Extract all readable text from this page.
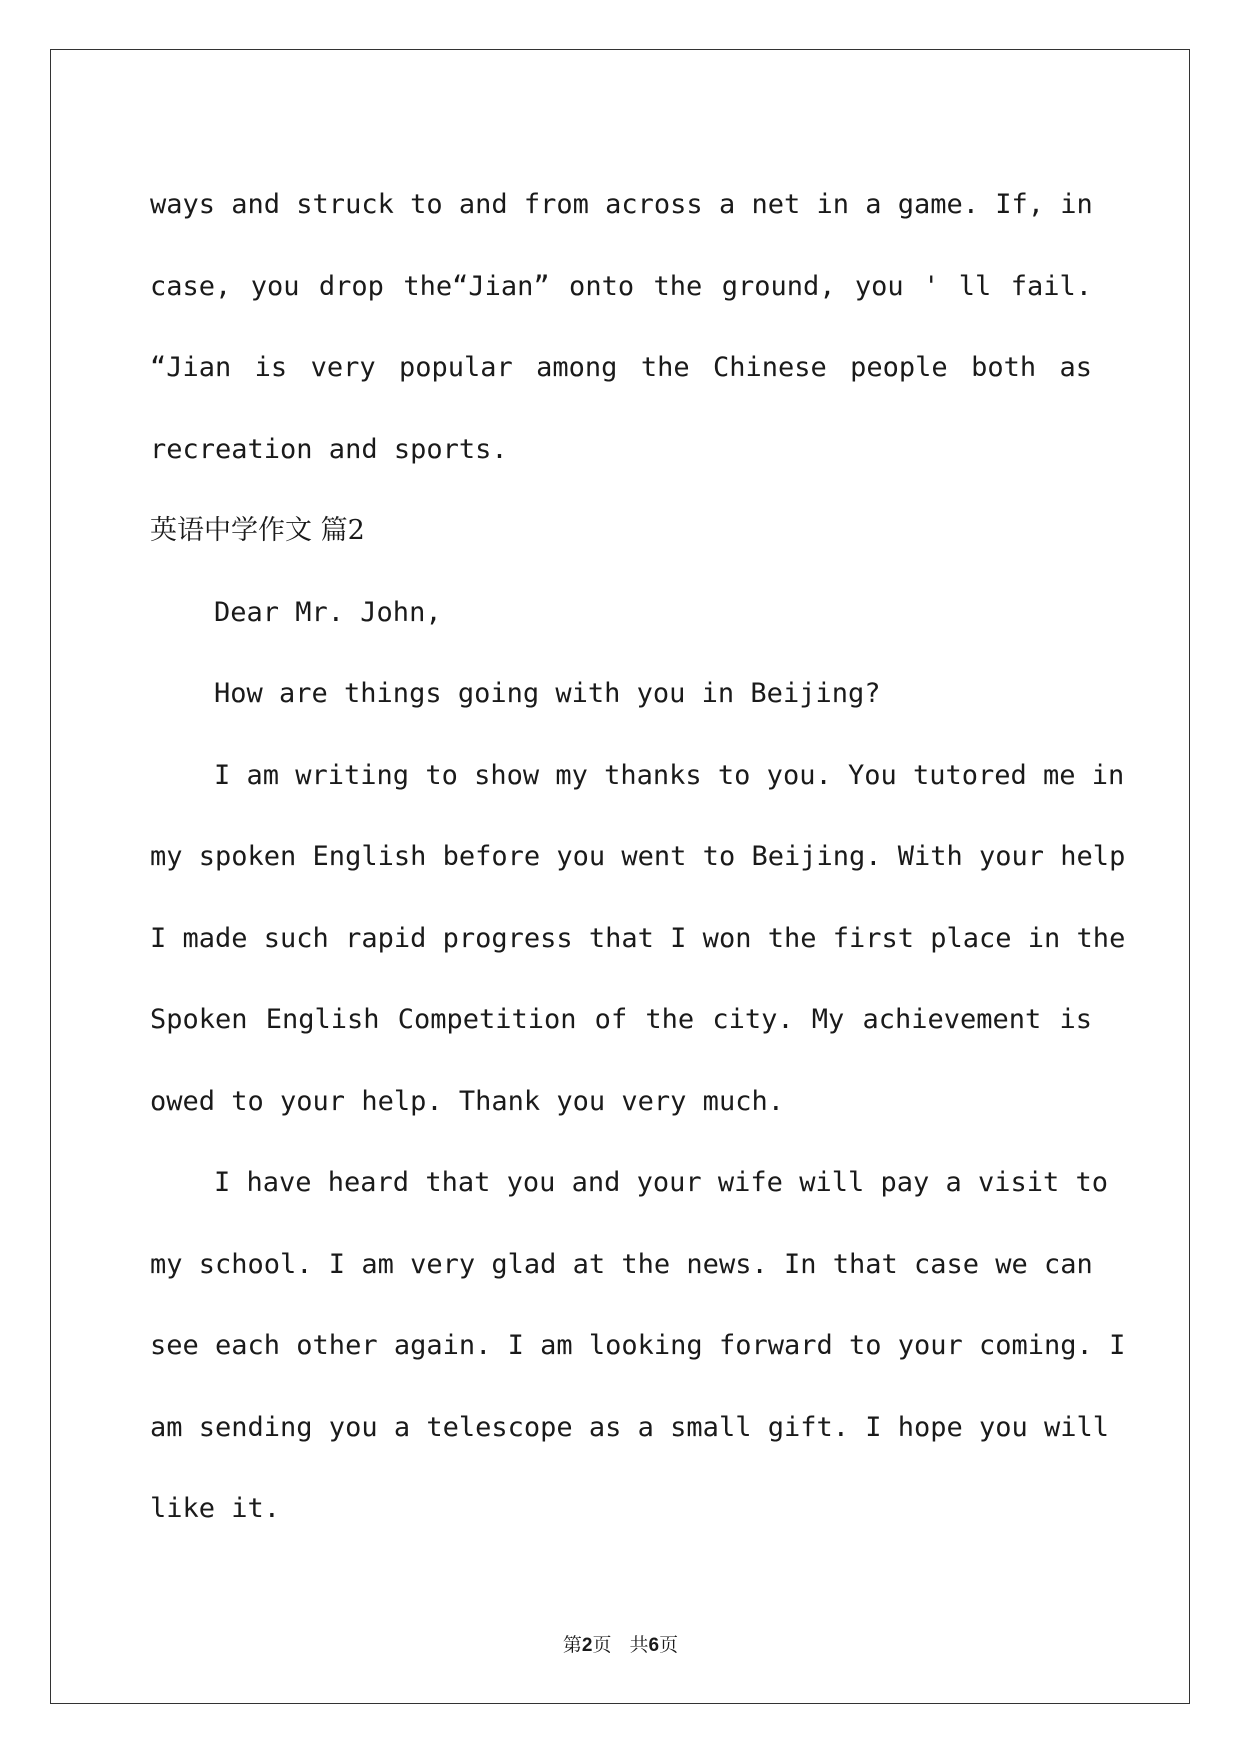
ways and struck to and from across a net in a game. If, in
case, you drop the“Jian” onto the ground, you ' ll fail.
“Jian is very popular among the Chinese people both as
recreation and sports.
英语中学作文 篇2
Dear Mr. John,
How are things going with you in Beijing?
I am writing to show my thanks to you. You tutored me in
my spoken English before you went to Beijing. With your help
I made such rapid progress that I won the first place in the
Spoken English Competition of the city. My achievement is
owed to your help. Thank you very much.
I have heard that you and your wife will pay a visit to
my school. I am very glad at the news. In that case we can
see each other again. I am looking forward to your coming. I
am sending you a telescope as a small gift. I hope you will
like it.
第2页 共6页
